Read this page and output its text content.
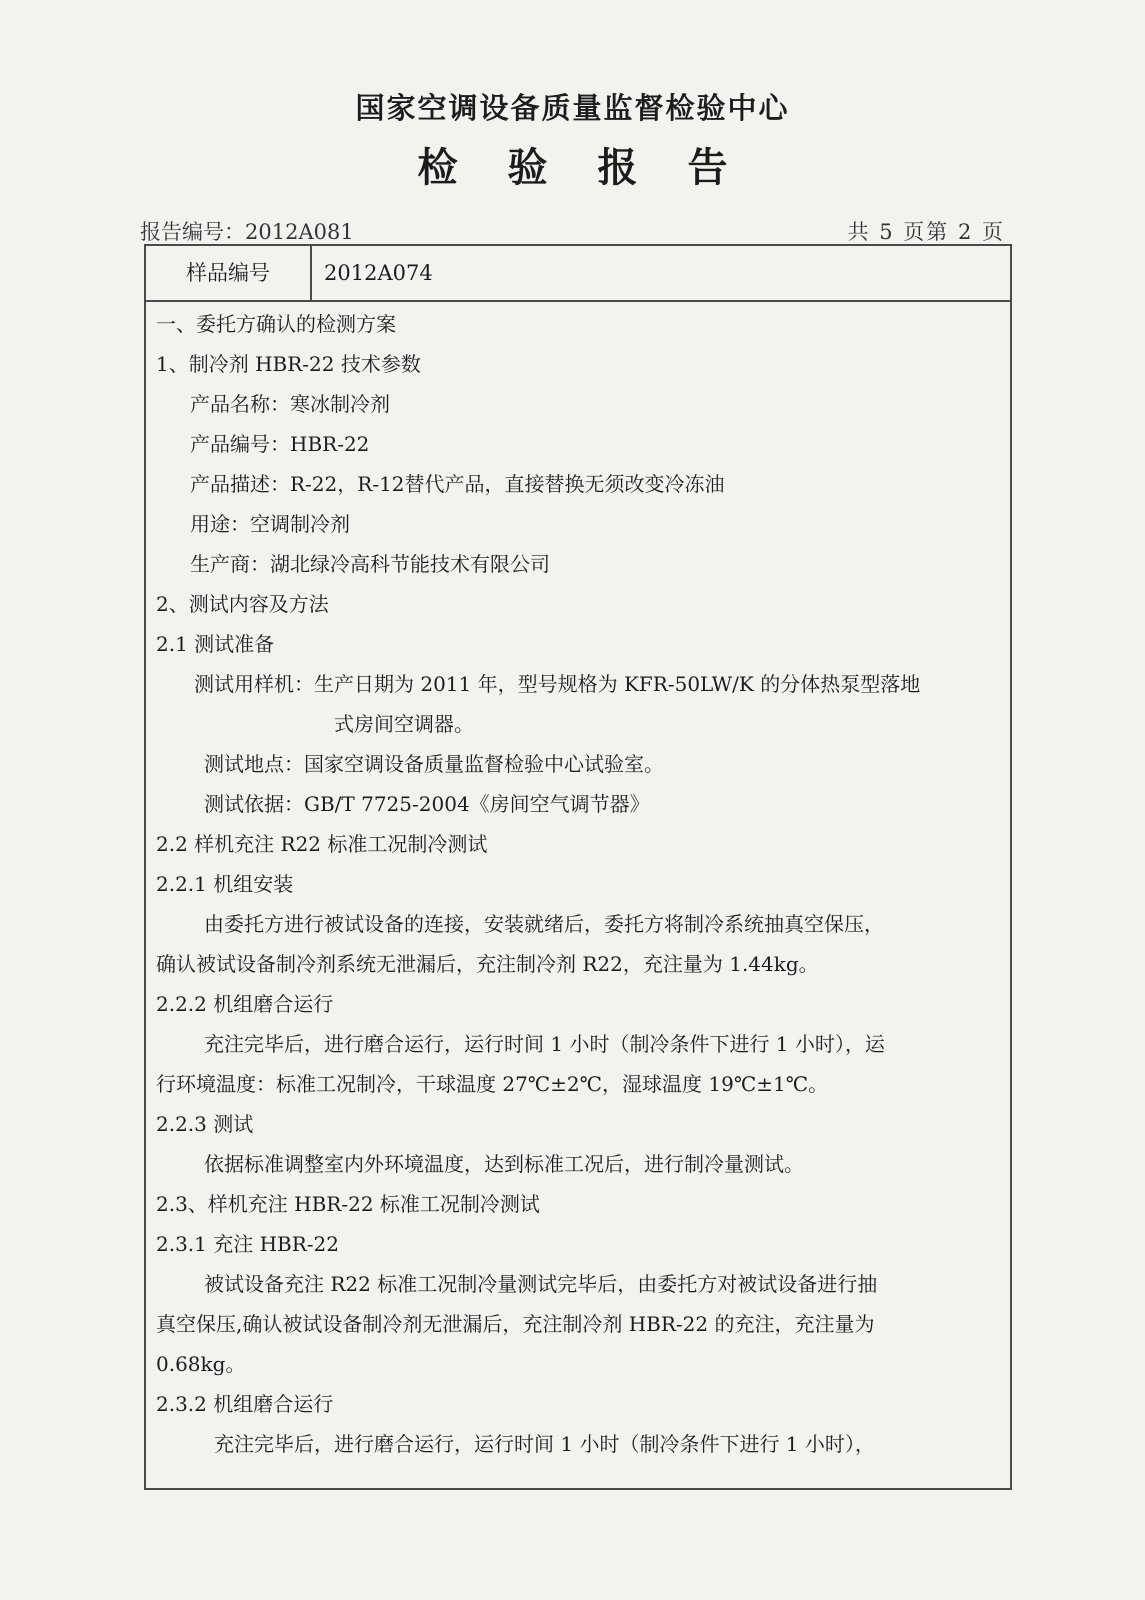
国家空调设备质量监督检验中心
检验报告
报告编号：2012A081	共 5 页第 2 页
样品编号	2012A074
一、委托方确认的检测方案
1、制冷剂 HBR-22 技术参数
产品名称：寒冰制冷剂
产品编号：HBR-22
产品描述：R-22，R-12替代产品，直接替换无须改变冷冻油
用途：空调制冷剂
生产商：湖北绿冷高科节能技术有限公司
2、测试内容及方法
2.1 测试准备
测试用样机：生产日期为 2011 年，型号规格为 KFR-50LW/K 的分体热泵型落地
式房间空调器。
测试地点：国家空调设备质量监督检验中心试验室。
测试依据：GB/T 7725-2004《房间空气调节器》
2.2 样机充注 R22 标准工况制冷测试
2.2.1 机组安装
由委托方进行被试设备的连接，安装就绪后，委托方将制冷系统抽真空保压，
确认被试设备制冷剂系统无泄漏后，充注制冷剂 R22，充注量为 1.44kg。
2.2.2 机组磨合运行
充注完毕后，进行磨合运行，运行时间 1 小时（制冷条件下进行 1 小时），运
行环境温度：标准工况制冷，干球温度 27℃±2℃，湿球温度 19℃±1℃。
2.2.3 测试
依据标准调整室内外环境温度，达到标准工况后，进行制冷量测试。
2.3、样机充注 HBR-22 标准工况制冷测试
2.3.1 充注 HBR-22
被试设备充注 R22 标准工况制冷量测试完毕后，由委托方对被试设备进行抽
真空保压,确认被试设备制冷剂无泄漏后，充注制冷剂 HBR-22 的充注，充注量为
0.68kg。
2.3.2 机组磨合运行
充注完毕后，进行磨合运行，运行时间 1 小时（制冷条件下进行 1 小时），
